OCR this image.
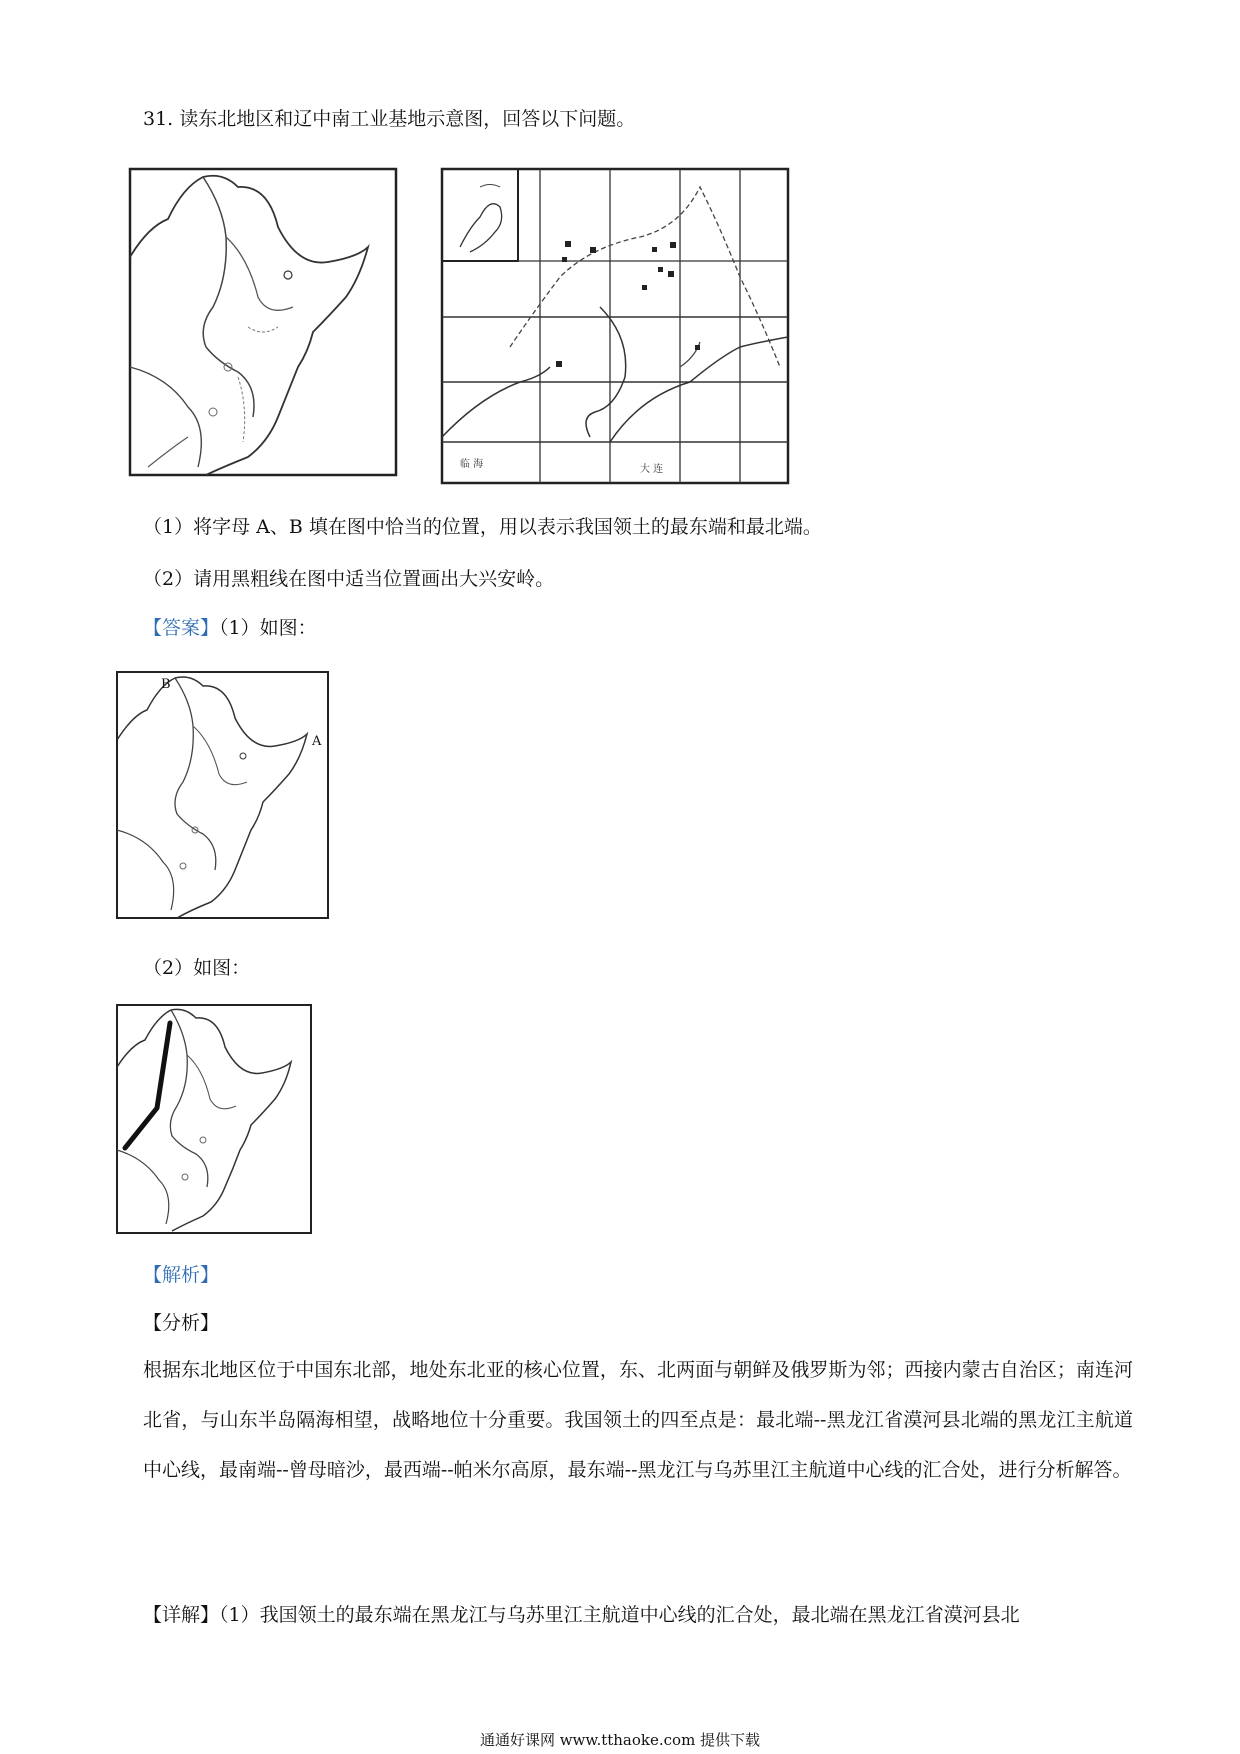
31. 读东北地区和辽中南工业基地示意图，回答以下问题。
临 海	大 连
（1）将字母 A、B 填在图中恰当的位置，用以表示我国领土的最东端和最北端。
（2）请用黑粗线在图中适当位置画出大兴安岭。
【答案】（1）如图：
B
A
（2）如图：
【解析】
【分析】
根据东北地区位于中国东北部，地处东北亚的核心位置，东、北两面与朝鲜及俄罗斯为邻；西接内蒙古自治区；南连河北省，与山东半岛隔海相望，战略地位十分重要。我国领土的四至点是：最北端--黑龙江省漠河县北端的黑龙江主航道中心线，最南端--曾母暗沙，最西端--帕米尔高原，最东端--黑龙江与乌苏里江主航道中心线的汇合处，进行分析解答。
【详解】（1）我国领土的最东端在黑龙江与乌苏里江主航道中心线的汇合处，最北端在黑龙江省漠河县北
通通好课网 www.tthaoke.com 提供下载
